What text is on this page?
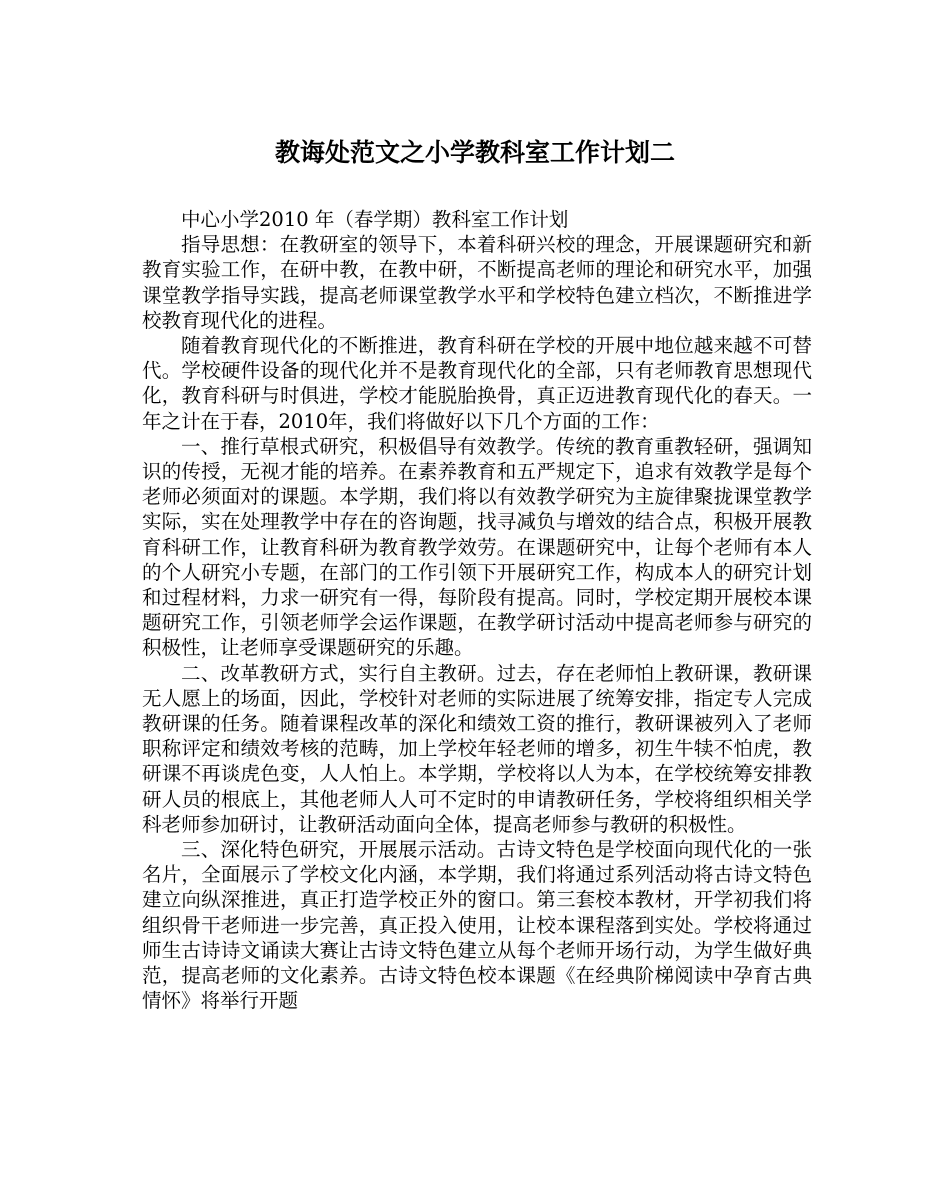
教诲处范文之小学教科室工作计划二

中心小学2010 年（春学期）教科室工作计划

指导思想：在教研室的领导下，本着科研兴校的理念，开展课题研究和新教育实验工作，在研中教，在教中研，不断提高老师的理论和研究水平，加强课堂教学指导实践，提高老师课堂教学水平和学校特色建立档次，不断推进学校教育现代化的进程。

随着教育现代化的不断推进，教育科研在学校的开展中地位越来越不可替代。学校硬件设备的现代化并不是教育现代化的全部，只有老师教育思想现代化，教育科研与时俱进，学校才能脱胎换骨，真正迈进教育现代化的春天。一年之计在于春，2010年，我们将做好以下几个方面的工作：

一、推行草根式研究，积极倡导有效教学。传统的教育重教轻研，强调知识的传授，无视才能的培养。在素养教育和五严规定下，追求有效教学是每个老师必须面对的课题。本学期，我们将以有效教学研究为主旋律聚拢课堂教学实际，实在处理教学中存在的咨询题，找寻减负与增效的结合点，积极开展教育科研工作，让教育科研为教育教学效劳。在课题研究中，让每个老师有本人的个人研究小专题，在部门的工作引领下开展研究工作，构成本人的研究计划和过程材料，力求一研究有一得，每阶段有提高。同时，学校定期开展校本课题研究工作，引领老师学会运作课题，在教学研讨活动中提高老师参与研究的积极性，让老师享受课题研究的乐趣。

二、改革教研方式，实行自主教研。过去，存在老师怕上教研课，教研课无人愿上的场面，因此，学校针对老师的实际进展了统筹安排，指定专人完成教研课的任务。随着课程改革的深化和绩效工资的推行，教研课被列入了老师职称评定和绩效考核的范畴，加上学校年轻老师的增多，初生牛犊不怕虎，教研课不再谈虎色变，人人怕上。本学期，学校将以人为本，在学校统筹安排教研人员的根底上，其他老师人人可不定时的申请教研任务，学校将组织相关学科老师参加研讨，让教研活动面向全体，提高老师参与教研的积极性。

三、深化特色研究，开展展示活动。古诗文特色是学校面向现代化的一张名片，全面展示了学校文化内涵，本学期，我们将通过系列活动将古诗文特色建立向纵深推进，真正打造学校正外的窗口。第三套校本教材，开学初我们将组织骨干老师进一步完善，真正投入使用，让校本课程落到实处。学校将通过师生古诗诗文诵读大赛让古诗文特色建立从每个老师开场行动，为学生做好典范，提高老师的文化素养。古诗文特色校本课题《在经典阶梯阅读中孕育古典情怀》将举行开题
